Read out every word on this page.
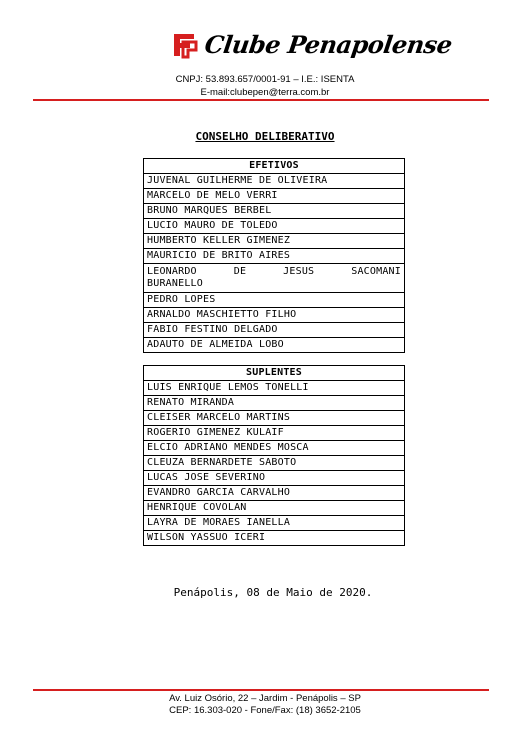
Clube Penapolense
CNPJ: 53.893.657/0001-91 – I.E.: ISENTA
E-mail:clubepen@terra.com.br
CONSELHO DELIBERATIVO
EFETIVOS
JUVENAL GUILHERME DE OLIVEIRA
MARCELO DE MELO VERRI
BRUNO MARQUES BERBEL
LUCIO MAURO DE TOLEDO
HUMBERTO KELLER GIMENEZ
MAURICIO DE BRITO AIRES

LEONARDO DE JESUS SACOMANI
BURANELLO

PEDRO LOPES
ARNALDO MASCHIETTO FILHO
FABIO FESTINO DELGADO
ADAUTO DE ALMEIDA LOBO
SUPLENTES
LUIS ENRIQUE LEMOS TONELLI
RENATO MIRANDA
CLEISER MARCELO MARTINS
ROGERIO GIMENEZ KULAIF
ELCIO ADRIANO MENDES MOSCA
CLEUZA BERNARDETE SABOTO
LUCAS JOSE SEVERINO
EVANDRO GARCIA CARVALHO
HENRIQUE COVOLAN
LAYRA DE MORAES IANELLA
WILSON YASSUO ICERI
Penápolis, 08 de Maio de 2020.
Av. Luiz Osório, 22 – Jardim - Penápolis – SP
CEP: 16.303-020 - Fone/Fax: (18) 3652-2105
